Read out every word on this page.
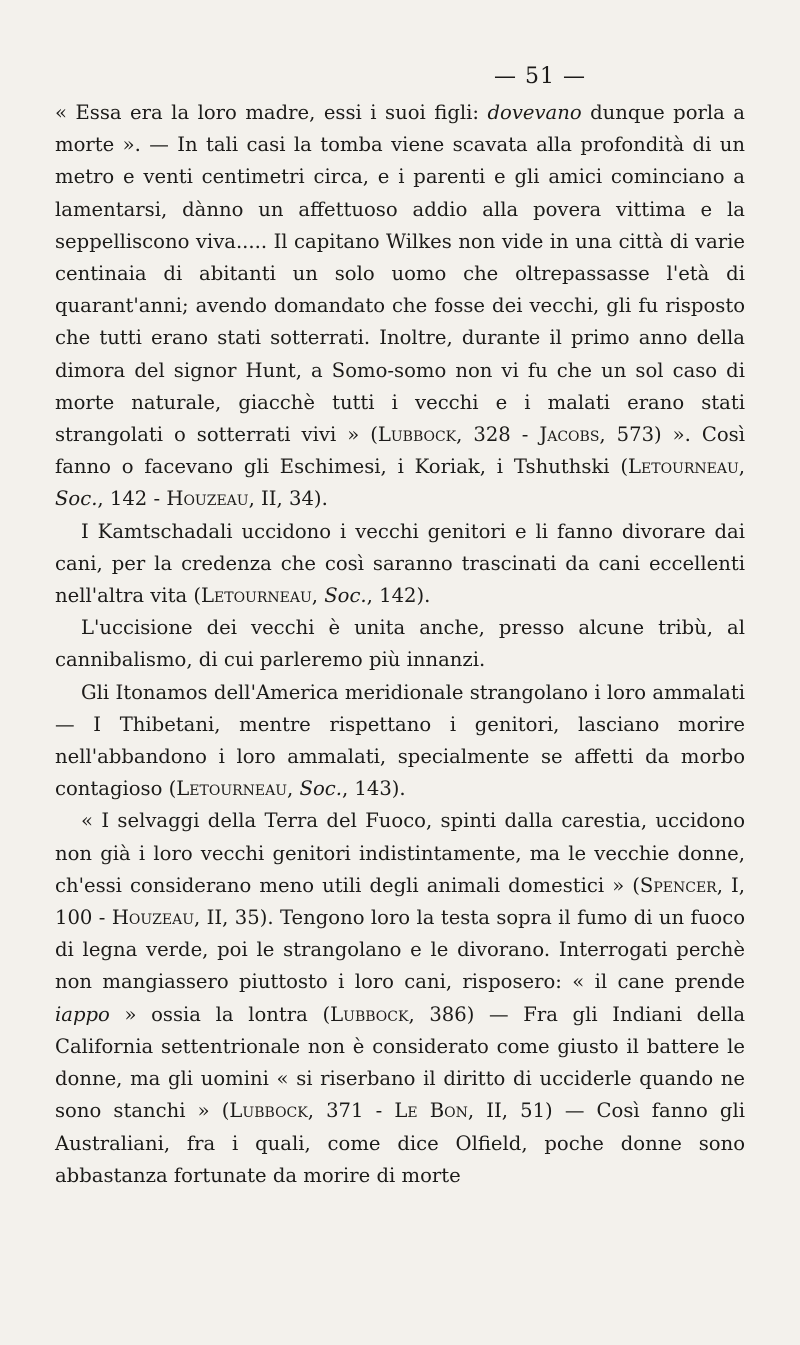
— 51 —

« Essa era la loro madre, essi i suoi figli: dovevano dunque porla a morte ». — In tali casi la tomba viene scavata alla profondità di un metro e venti centimetri circa, e i parenti e gli amici cominciano a lamentarsi, dànno un affettuoso addio alla povera vittima e la seppelliscono viva..... Il capitano Wilkes non vide in una città di varie centinaia di abitanti un solo uomo che oltrepassasse l'età di quarant'anni; avendo domandato che fosse dei vecchi, gli fu risposto che tutti erano stati sotterrati. Inoltre, durante il primo anno della dimora del signor Hunt, a Somo-somo non vi fu che un sol caso di morte naturale, giacchè tutti i vecchi e i malati erano stati strangolati o sotterrati vivi » (Lubbock, 328 - Jacobs, 573) ». Così fanno o facevano gli Eschimesi, i Koriak, i Tshuthski (Letourneau, Soc., 142 - Houzeau, II, 34).

I Kamtschadali uccidono i vecchi genitori e li fanno divorare dai cani, per la credenza che così saranno trascinati da cani eccellenti nell'altra vita (Letourneau, Soc., 142).

L'uccisione dei vecchi è unita anche, presso alcune tribù, al cannibalismo, di cui parleremo più innanzi.

Gli Itonamos dell'America meridionale strangolano i loro ammalati — I Thibetani, mentre rispettano i genitori, lasciano morire nell'abbandono i loro ammalati, specialmente se affetti da morbo contagioso (Letourneau, Soc., 143).

« I selvaggi della Terra del Fuoco, spinti dalla carestia, uccidono non già i loro vecchi genitori indistintamente, ma le vecchie donne, ch'essi considerano meno utili degli animali domestici » (Spencer, I, 100 - Houzeau, II, 35). Tengono loro la testa sopra il fumo di un fuoco di legna verde, poi le strangolano e le divorano. Interrogati perchè non mangiassero piuttosto i loro cani, risposero: « il cane prende iappo » ossia la lontra (Lubbock, 386) — Fra gli Indiani della California settentrionale non è considerato come giusto il battere le donne, ma gli uomini « si riserbano il diritto di ucciderle quando ne sono stanchi » (Lubbock, 371 - Le Bon, II, 51) — Così fanno gli Australiani, fra i quali, come dice Olfield, poche donne sono abbastanza fortunate da morire di morte
